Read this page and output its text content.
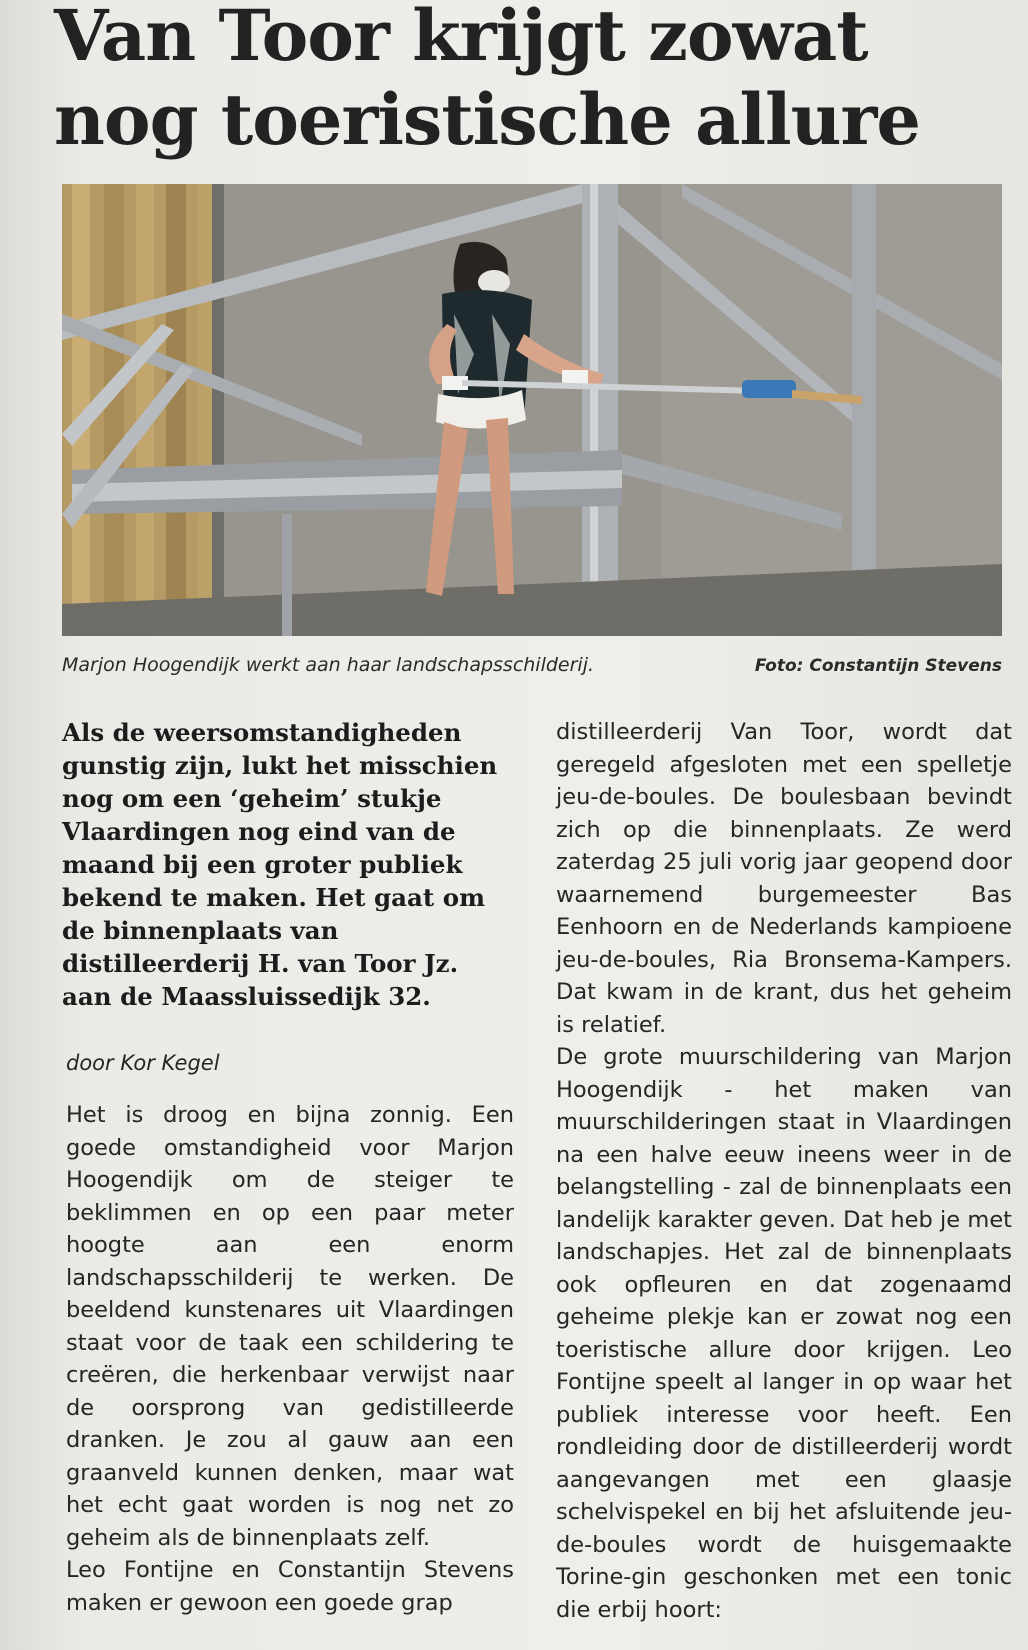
Van Toor krijgt zowat nog toeristische allure
Marjon Hoogendijk werkt aan haar landschapsschilderij.	Foto: Constantijn Stevens

Als de weersomstandigheden gunstig zijn, lukt het misschien nog om een ‘geheim’ stukje Vlaardingen nog eind van de maand bij een groter publiek bekend te maken. Het gaat om de binnenplaats van distilleerderij H. van Toor Jz. aan de Maassluissedijk 32.

door Kor Kegel

Het is droog en bijna zonnig. Een goede omstandigheid voor Marjon Hoogendijk om de steiger te beklimmen en op een paar meter hoogte aan een enorm landschapsschilderij te werken. De beeldend kunstenares uit Vlaardingen staat voor de taak een schildering te creëren, die herkenbaar verwijst naar de oorsprong van gedistilleerde dranken. Je zou al gauw aan een graanveld kunnen denken, maar wat het echt gaat worden is nog net zo geheim als de binnenplaats zelf.
Leo Fontijne en Constantijn Stevens maken er gewoon een goede grap

distilleerderij Van Toor, wordt dat geregeld afgesloten met een spelletje jeu-de-boules. De boulesbaan bevindt zich op die binnenplaats. Ze werd zaterdag 25 juli vorig jaar geopend door waarnemend burgemeester Bas Eenhoorn en de Nederlands kampioene jeu-de-boules, Ria Bronsema-Kampers. Dat kwam in de krant, dus het geheim is relatief.
De grote muurschildering van Marjon Hoogendijk - het maken van muurschilderingen staat in Vlaardingen na een halve eeuw ineens weer in de belangstelling - zal de binnenplaats een landelijk karakter geven. Dat heb je met landschapjes. Het zal de binnenplaats ook opfleuren en dat zogenaamd geheime plekje kan er zowat nog een toeristische allure door krijgen. Leo Fontijne speelt al langer in op waar het publiek interesse voor heeft. Een rondleiding door de distilleerderij wordt aangevangen met een glaasje schelvispekel en bij het afsluitende jeu-de-boules wordt de huisgemaakte Torine-gin geschonken met een tonic die erbij hoort:
